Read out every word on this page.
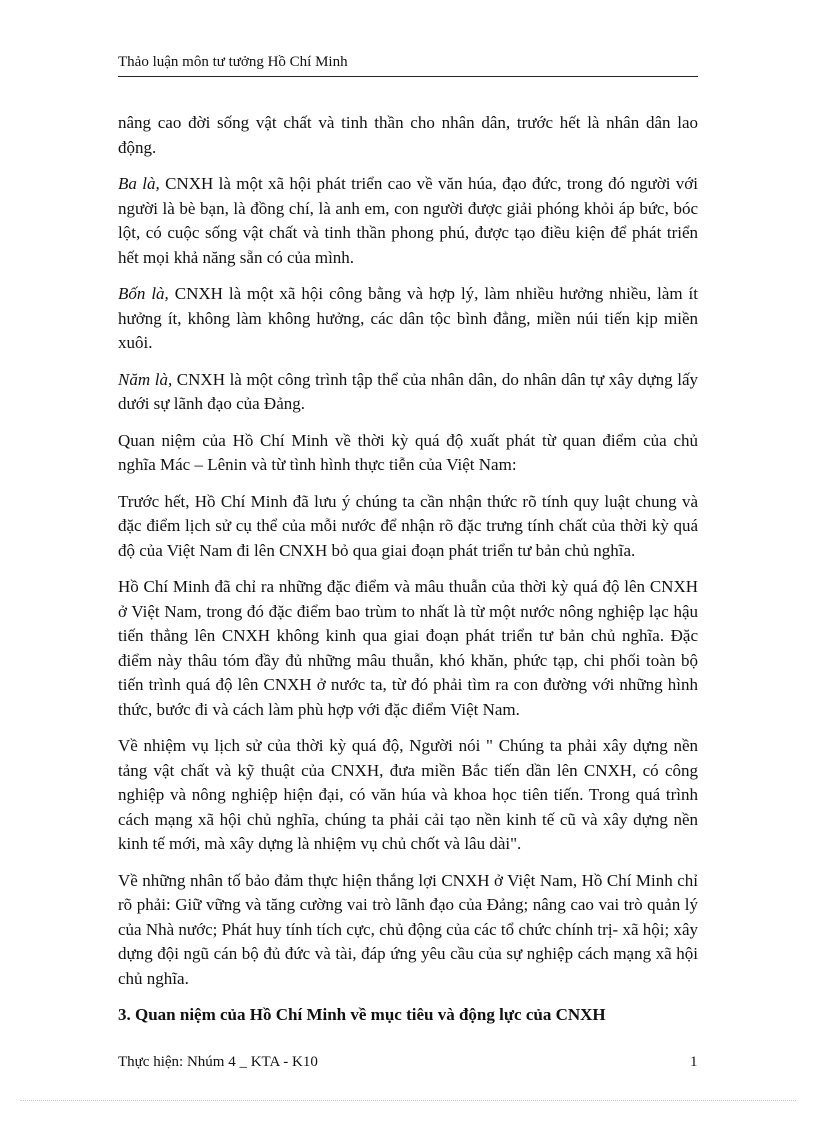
Thảo luận môn tư tưởng Hồ Chí Minh

nâng cao đời sống vật chất và tinh thần cho nhân dân, trước hết là nhân dân lao động.

Ba là, CNXH là một xã hội phát triển cao về văn húa, đạo đức, trong đó người với người là bè bạn, là đồng chí, là anh em, con người được giải phóng khỏi áp bức, bóc lột, có cuộc sống vật chất và tinh thần phong phú, được tạo điều kiện để phát triển hết mọi khả năng sẵn có của mình.

Bốn là, CNXH là một xã hội công bằng và hợp lý, làm nhiều hưởng nhiều, làm ít hưởng ít, không làm không hưởng, các dân tộc bình đẳng, miền núi tiến kịp miền xuôi.

Năm là, CNXH là một công trình tập thể của nhân dân, do nhân dân tự xây dựng lấy dưới sự lãnh đạo của Đảng.

Quan niệm của Hồ Chí Minh về thời kỳ quá độ xuất phát từ quan điểm của chủ nghĩa Mác – Lênin và từ tình hình thực tiễn của Việt Nam:

Trước hết, Hồ Chí Minh đã lưu ý chúng ta cần nhận thức rõ tính quy luật chung và đặc điểm lịch sử cụ thể của mỗi nước để nhận rõ đặc trưng tính chất của thời kỳ quá độ của Việt Nam đi lên CNXH bỏ qua giai đoạn phát triển tư bản chủ nghĩa.

Hồ Chí Minh đã chỉ ra những đặc điểm và mâu thuẫn của thời kỳ quá độ lên CNXH ở Việt Nam, trong đó đặc điểm bao trùm to nhất là từ một nước nông nghiệp lạc hậu tiến thẳng lên CNXH không kinh qua giai đoạn phát triển tư bản chủ nghĩa. Đặc điểm này thâu tóm đầy đủ những mâu thuẫn, khó khăn, phức tạp, chi phối toàn bộ tiến trình quá độ lên CNXH ở nước ta, từ đó phải tìm ra con đường với những hình thức, bước đi và cách làm phù hợp với đặc điểm Việt Nam.

Về nhiệm vụ lịch sử của thời kỳ quá độ, Người nói " Chúng ta phải xây dựng nền tảng vật chất và kỹ thuật của CNXH, đưa miền Bắc tiến dần lên CNXH, có công nghiệp và nông nghiệp hiện đại, có văn húa và khoa học tiên tiến. Trong quá trình cách mạng xã hội chủ nghĩa, chúng ta phải cải tạo nền kinh tế cũ và xây dựng nền kinh tế mới, mà xây dựng là nhiệm vụ chủ chốt và lâu dài".

Về những nhân tố bảo đảm thực hiện thắng lợi CNXH ở Việt Nam, Hồ Chí Minh chỉ rõ phải: Giữ vững và tăng cường vai trò lãnh đạo của Đảng; nâng cao vai trò quản lý của Nhà nước; Phát huy tính tích cực, chủ động của các tổ chức chính trị- xã hội; xây dựng đội ngũ cán bộ đủ đức và tài, đáp ứng yêu cầu của sự nghiệp cách mạng xã hội chủ nghĩa.

3. Quan niệm của Hồ Chí Minh về mục tiêu và động lực của CNXH

Thực hiện: Nhúm 4 _ KTA - K10	1
